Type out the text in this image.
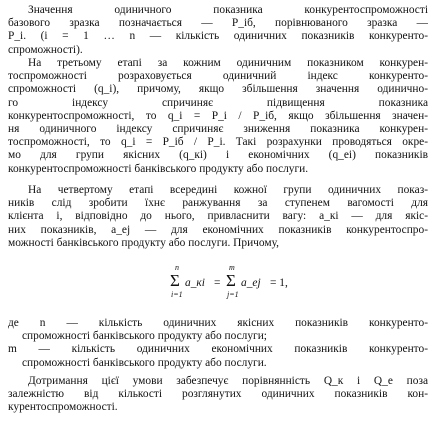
Значення одиничного показника конкурентоспроможності
базового зразка позначається — P_iб, порівнюваного зразка —
P_i. (i = 1 … n — кількість одиничних показників конкуренто-
спроможності).
На третьому етапі за кожним одиничним показником конкурен-
тоспроможності розраховується одиничний індекс конкуренто-
спроможності (q_i), причому, якщо збільшення значення одинично-
го індексу спричиняє підвищення показника
конкурентоспроможності, то q_i = P_i / P_iб, якщо збільшення значен-
ня одиничного індексу спричиняє зниження показника конкурен-
тоспроможності, то q_i = P_iб / P_i. Такі розрахунки проводяться окре-
мо для групи якісних (q_кі) і економічних (q_еі) показників
конкурентоспроможності банківського продукту або послуги.
На четвертому етапі всередині кожної групи одиничних показ-
ників слід зробити їхнє ранжування за ступенем вагомості для
клієнта і, відповідно до нього, привласнити вагу: a_кі — для якіс-
них показників, a_еj — для економічних показників конкурентоспро-
можності банківського продукту або послуги. Причому,
n
Σ
i=1
a_кі =
m
Σ
j=1
a_еj = 1,
де n — кількість одиничних якісних показників конкуренто-
спроможності банківського продукту або послуги;
m — кількість одиничних економічних показників конкуренто-
спроможності банківського продукту або послуги.
Дотримання цієї умови забезпечує порівнянність Q_к і Q_е поза
залежністю від кількості розглянутих одиничних показників кон-
курентоспроможності.
